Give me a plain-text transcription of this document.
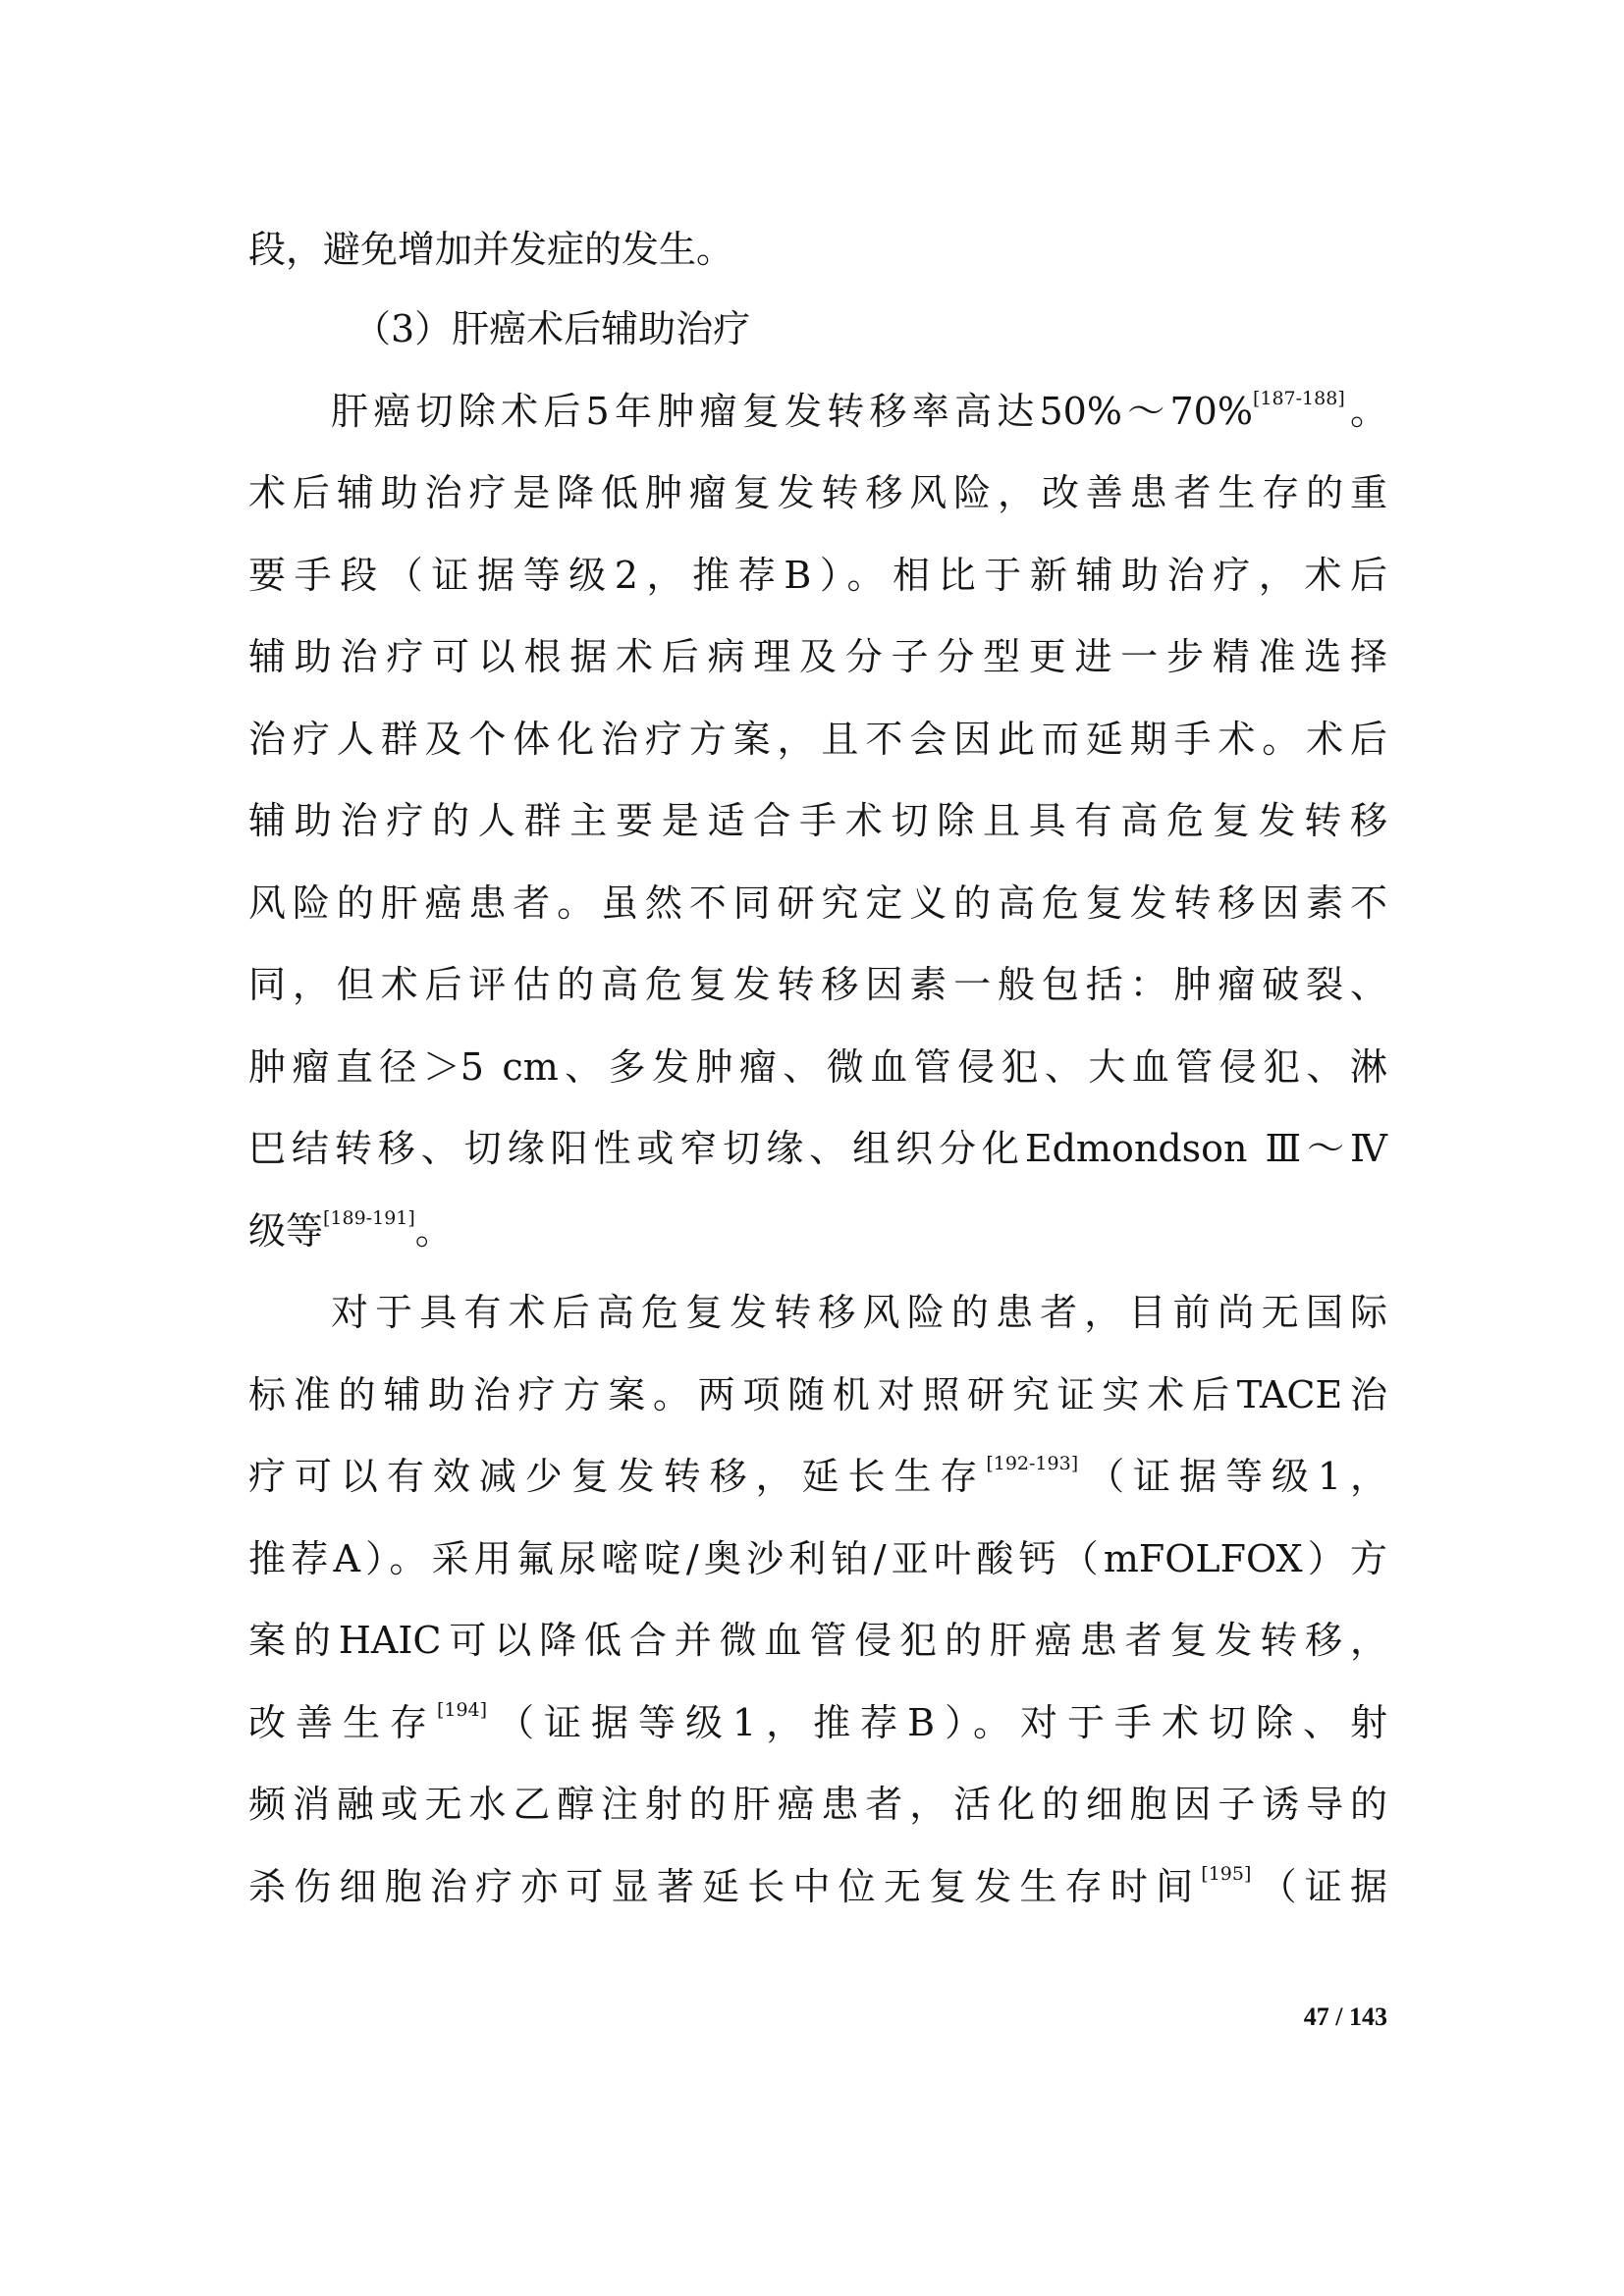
段，避免增加并发症的发生。
（3）肝癌术后辅助治疗
肝癌切除术后5年肿瘤复发转移率高达50%～70%[187-188]。
术后辅助治疗是降低肿瘤复发转移风险，改善患者生存的重
要手段（证据等级2，推荐B）。相比于新辅助治疗，术后
辅助治疗可以根据术后病理及分子分型更进一步精准选择
治疗人群及个体化治疗方案，且不会因此而延期手术。术后
辅助治疗的人群主要是适合手术切除且具有高危复发转移
风险的肝癌患者。虽然不同研究定义的高危复发转移因素不
同，但术后评估的高危复发转移因素一般包括：肿瘤破裂、
肿瘤直径＞5 cm、多发肿瘤、微血管侵犯、大血管侵犯、淋
巴结转移、切缘阳性或窄切缘、组织分化Edmondson Ⅲ～Ⅳ
级等[189-191]。
对于具有术后高危复发转移风险的患者，目前尚无国际
标准的辅助治疗方案。两项随机对照研究证实术后TACE治
疗可以有效减少复发转移，延长生存[192-193]（证据等级1，
推荐A）。采用氟尿嘧啶/奥沙利铂/亚叶酸钙（mFOLFOX）方
案的HAIC可以降低合并微血管侵犯的肝癌患者复发转移，
改善生存[194]（证据等级1，推荐B）。对于手术切除、射
频消融或无水乙醇注射的肝癌患者，活化的细胞因子诱导的
杀伤细胞治疗亦可显著延长中位无复发生存时间[195]（证据
47 / 143
